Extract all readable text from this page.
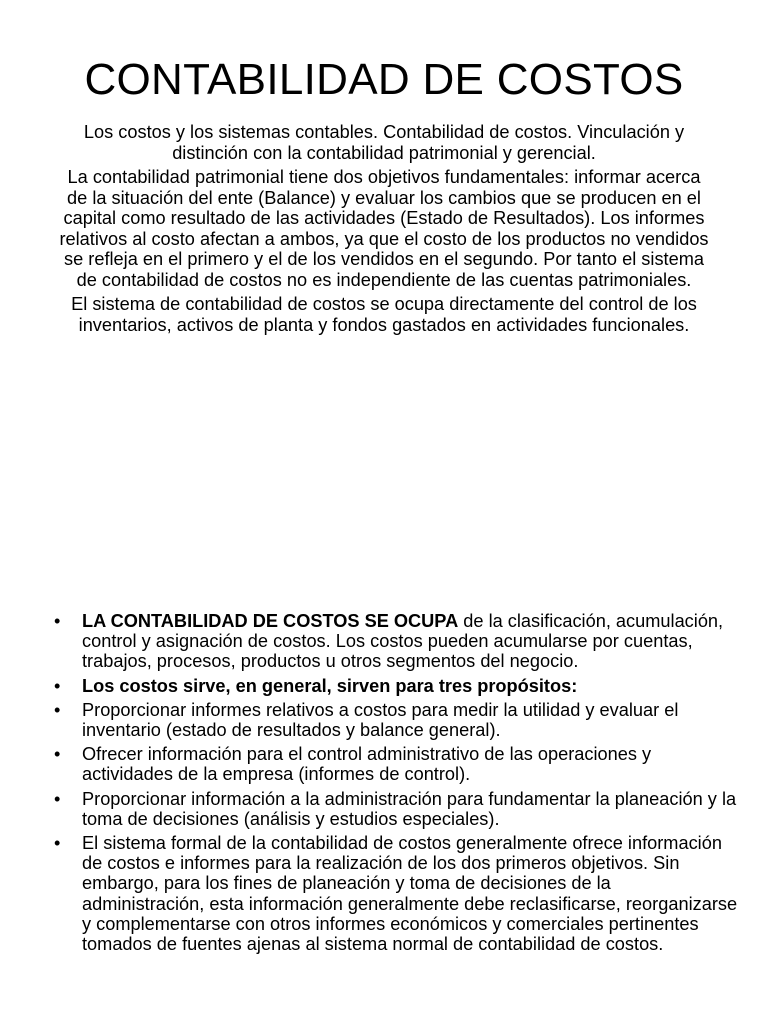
CONTABILIDAD DE COSTOS

Los costos y los sistemas contables. Contabilidad de costos. Vinculación y distinción con la contabilidad patrimonial y gerencial.

La contabilidad patrimonial tiene dos objetivos fundamentales: informar acerca de la situación del ente (Balance) y evaluar los cambios que se producen en el capital como resultado de las actividades (Estado de Resultados). Los informes relativos al costo afectan a ambos, ya que el costo de los productos no vendidos se refleja en el primero y el de los vendidos en el segundo. Por tanto el sistema de contabilidad de costos no es independiente de las cuentas patrimoniales.

El sistema de contabilidad de costos se ocupa directamente del control de los inventarios, activos de planta y fondos gastados en actividades funcionales.

• LA CONTABILIDAD DE COSTOS SE OCUPA de la clasificación, acumulación, control y asignación de costos. Los costos pueden acumularse por cuentas, trabajos, procesos, productos u otros segmentos del negocio.
• Los costos sirve, en general, sirven para tres propósitos:
• Proporcionar informes relativos a costos para medir la utilidad y evaluar el inventario (estado de resultados y balance general).
• Ofrecer información para el control administrativo de las operaciones y actividades de la empresa (informes de control).
• Proporcionar información a la administración para fundamentar la planeación y la toma de decisiones (análisis y estudios especiales).
• El sistema formal de la contabilidad de costos generalmente ofrece información de costos e informes para la realización de los dos primeros objetivos. Sin embargo, para los fines de planeación y toma de decisiones de la administración, esta información generalmente debe reclasificarse, reorganizarse y complementarse con otros informes económicos y comerciales pertinentes tomados de fuentes ajenas al sistema normal de contabilidad de costos.
